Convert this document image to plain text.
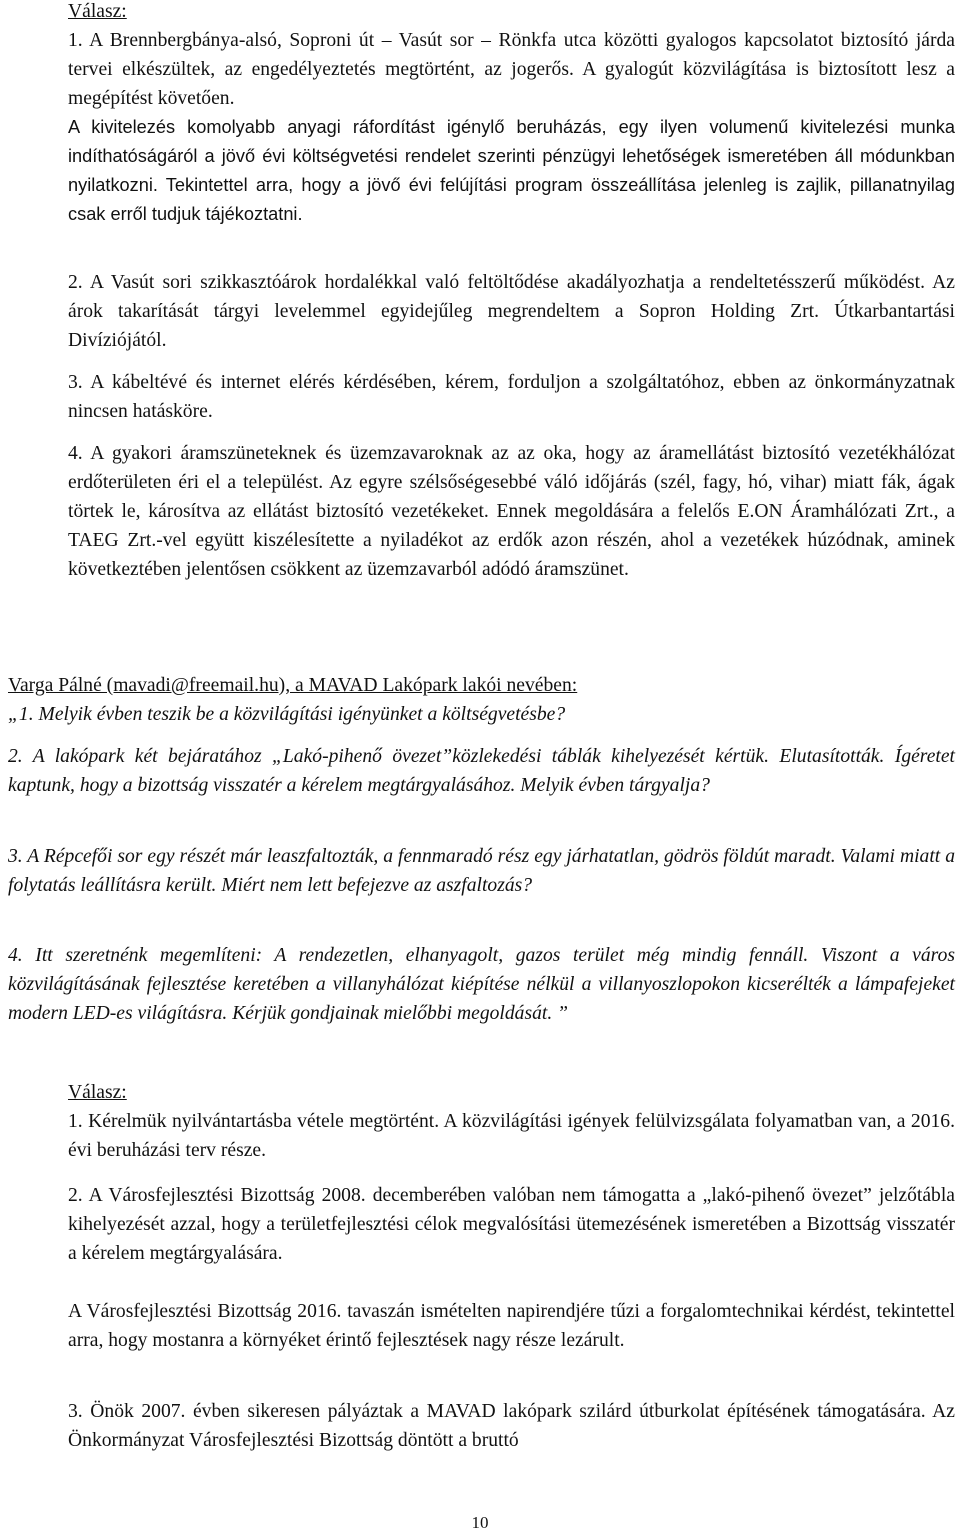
Válasz:

1. A Brennbergbánya-alsó, Soproni út – Vasút sor – Rönkfa utca közötti gyalogos kapcsolatot biztosító járda tervei elkészültek, az engedélyeztetés megtörtént, az jogerős. A gyalogút közvilágítása is biztosított lesz a megépítést követően.

A kivitelezés komolyabb anyagi ráfordítást igénylő beruházás, egy ilyen volumenű kivitelezési munka indíthatóságáról a jövő évi költségvetési rendelet szerinti pénzügyi lehetőségek ismeretében áll módunkban nyilatkozni. Tekintettel arra, hogy a jövő évi felújítási program összeállítása jelenleg is zajlik, pillanatnyilag csak erről tudjuk tájékoztatni.

2. A Vasút sori szikkasztóárok hordalékkal való feltöltődése akadályozhatja a rendeltetésszerű működést. Az árok takarítását tárgyi levelemmel egyidejűleg megrendeltem a Sopron Holding Zrt. Útkarbantartási Divíziójától.

3. A kábeltévé és internet elérés kérdésében, kérem, forduljon a szolgáltatóhoz, ebben az önkormányzatnak nincsen hatásköre.

4. A gyakori áramszüneteknek és üzemzavaroknak az az oka, hogy az áramellátást biztosító vezetékhálózat erdőterületen éri el a települést. Az egyre szélsőségesebbé váló időjárás (szél, fagy, hó, vihar) miatt fák, ágak törtek le, károsítva az ellátást biztosító vezetékeket. Ennek megoldására a felelős E.ON Áramhálózati Zrt., a TAEG Zrt.-vel együtt kiszélesítette a nyiladékot az erdők azon részén, ahol a vezetékek húzódnak, aminek következtében jelentősen csökkent az üzemzavarból adódó áramszünet.

Varga Pálné (mavadi@freemail.hu), a MAVAD Lakópark lakói nevében:

„1. Melyik évben teszik be a közvilágítási igényünket a költségvetésbe?

2. A lakópark két bejáratához „Lakó-pihenő övezet”közlekedési táblák kihelyezését kértük. Elutasították. Ígéretet kaptunk, hogy a bizottság visszatér a kérelem megtárgyalásához. Melyik évben tárgyalja?

3. A Répcefői sor egy részét már leaszfaltozták, a fennmaradó rész egy járhatatlan, gödrös földút maradt. Valami miatt a folytatás leállításra került. Miért nem lett befejezve az aszfaltozás?

4. Itt szeretnénk megemlíteni: A rendezetlen, elhanyagolt, gazos terület még mindig fennáll. Viszont a város közvilágításának fejlesztése keretében a villanyhálózat kiépítése nélkül a villanyoszlopokon kicserélték a lámpafejeket modern LED-es világításra. Kérjük gondjainak mielőbbi megoldását. ”

Válasz:

1. Kérelmük nyilvántartásba vétele megtörtént. A közvilágítási igények felülvizsgálata folyamatban van, a 2016. évi beruházási terv része.

2. A Városfejlesztési Bizottság 2008. decemberében valóban nem támogatta a „lakó-pihenő övezet” jelzőtábla kihelyezését azzal, hogy a területfejlesztési célok megvalósítási ütemezésének ismeretében a Bizottság visszatér a kérelem megtárgyalására.

A Városfejlesztési Bizottság 2016. tavaszán ismételten napirendjére tűzi a forgalomtechnikai kérdést, tekintettel arra, hogy mostanra a környéket érintő fejlesztések nagy része lezárult.

3. Önök 2007. évben sikeresen pályáztak a MAVAD lakópark szilárd útburkolat építésének támogatására. Az Önkormányzat Városfejlesztési Bizottság döntött a bruttó

10
